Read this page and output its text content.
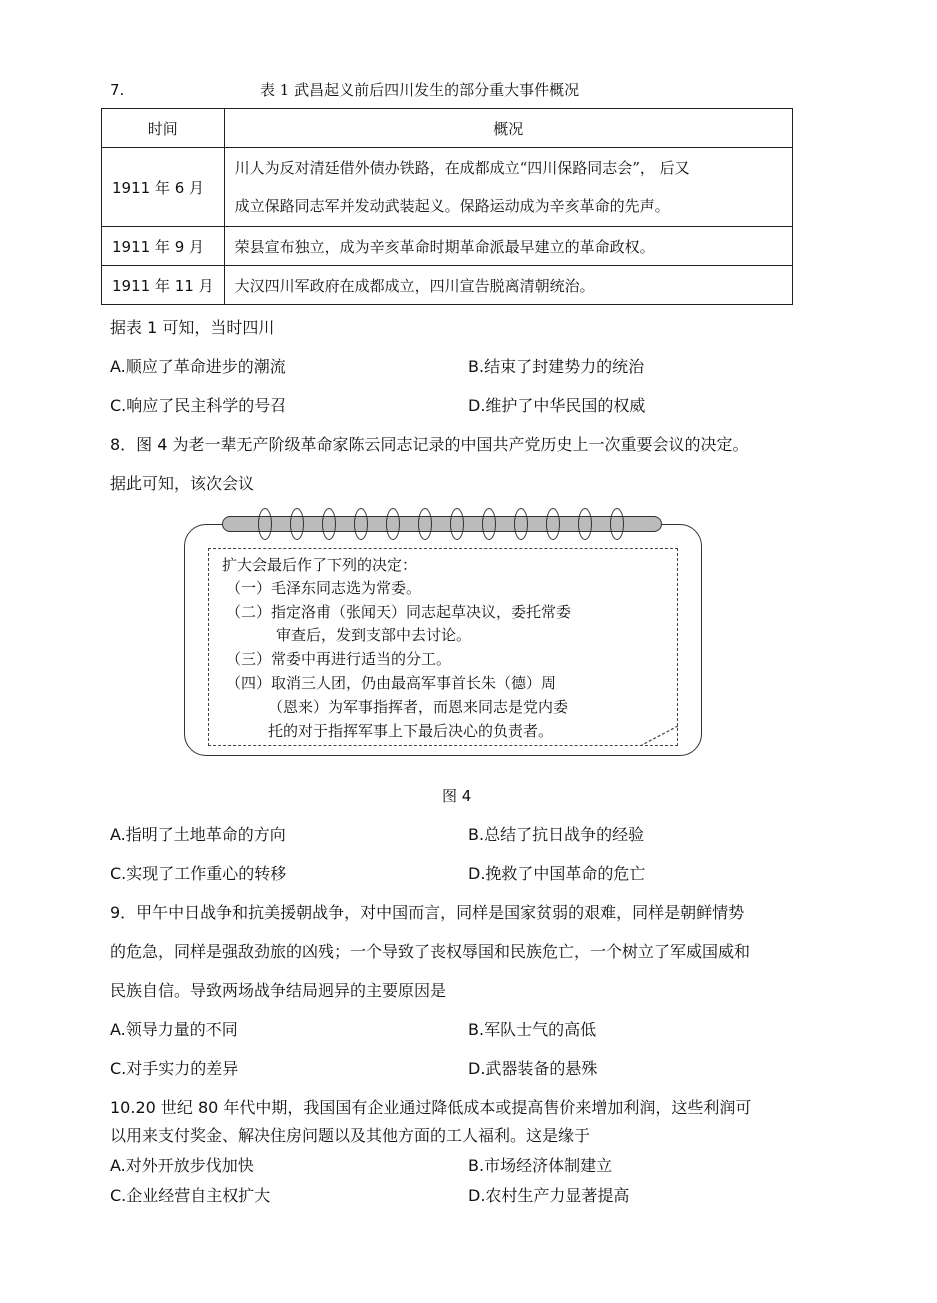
7.	表 1 武昌起义前后四川发生的部分重大事件概况
时间	概况
1911 年 6 月	川人为反对清廷借外债办铁路，在成都成立“四川保路同志会”， 后又
成立保路同志军并发动武装起义。保路运动成为辛亥革命的先声。

1911 年 9 月	荣县宣布独立，成为辛亥革命时期革命派最早建立的革命政权。
1911 年 11 月	大汉四川军政府在成都成立，四川宣告脱离清朝统治。
据表 1 可知，当时四川
A.顺应了革命进步的潮流	B.结束了封建势力的统治
C.响应了民主科学的号召	D.维护了中华民国的权威
8．图 4 为老一辈无产阶级革命家陈云同志记录的中国共产党历史上一次重要会议的决定。
据此可知，该次会议
扩大会最后作了下列的决定：
（一）毛泽东同志选为常委。
（二）指定洛甫（张闻天）同志起草决议，委托常委
审查后，发到支部中去讨论。
（三）常委中再进行适当的分工。
（四）取消三人团，仍由最高军事首长朱（德）周
（恩来）为军事指挥者，而恩来同志是党内委
托的对于指挥军事上下最后决心的负责者。
图 4
A.指明了土地革命的方向	B.总结了抗日战争的经验
C.实现了工作重心的转移	D.挽救了中国革命的危亡
9．甲午中日战争和抗美援朝战争，对中国而言，同样是国家贫弱的艰难，同样是朝鲜情势
的危急，同样是强敌劲旅的凶残；一个导致了丧权辱国和民族危亡，一个树立了军威国威和
民族自信。导致两场战争结局迥异的主要原因是
A.领导力量的不同	B.军队士气的高低
C.对手实力的差异	D.武器装备的悬殊
10.20 世纪 80 年代中期，我国国有企业通过降低成本或提高售价来增加利润，这些利润可
以用来支付奖金、解决住房问题以及其他方面的工人福利。这是缘于
A.对外开放步伐加快	B.市场经济体制建立
C.企业经营自主权扩大	D.农村生产力显著提高
